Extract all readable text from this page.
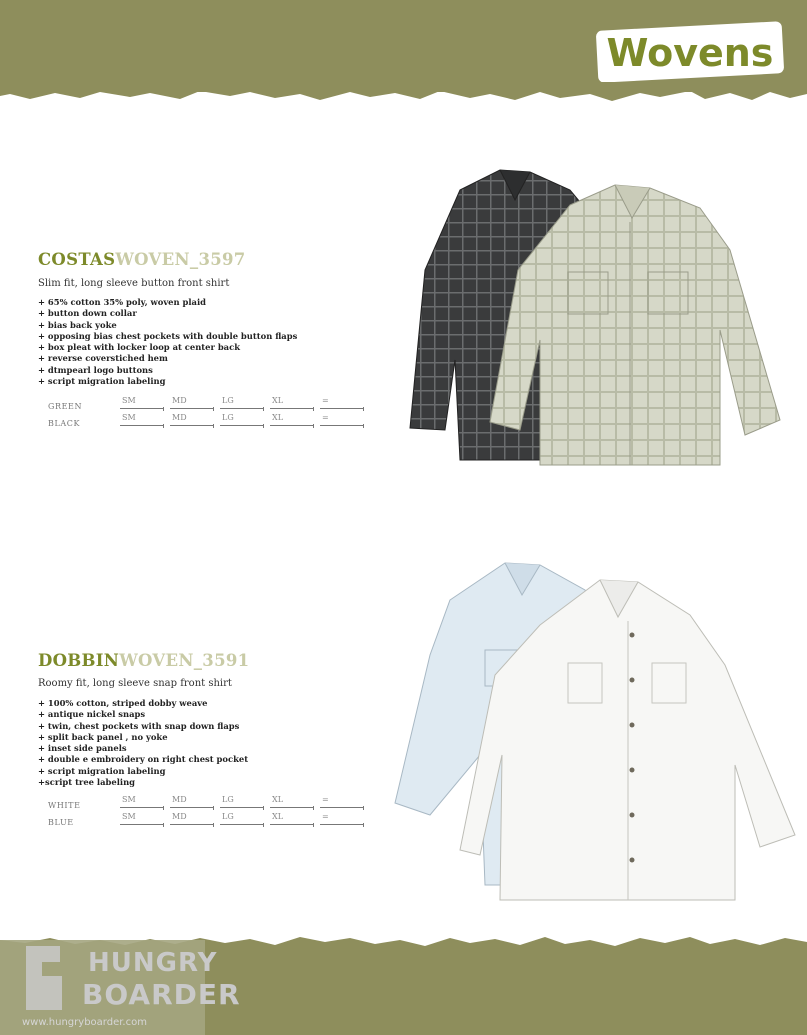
Wovens
COSTASWOVEN_3597
Slim fit, long sleeve button front shirt
+ 65% cotton 35% poly, woven plaid
+ button down collar
+ bias back yoke
+ opposing bias chest pockets with double button flaps
+ box pleat with locker loop at center back
+ reverse coverstiched hem
+ dtmpearl logo buttons
+ script migration labeling
GREEN
SM	MD	LG	XL	=
BLACK
SM	MD	LG	XL	=
DOBBINWOVEN_3591
Roomy fit, long sleeve snap front shirt
+ 100% cotton, striped dobby weave
+ antique nickel snaps
+ twin, chest pockets with snap down flaps
+ split back panel , no yoke
+ inset side panels
+ double e embroidery on right chest pocket
+ script migration labeling
+script tree labeling
WHITE
SM	MD	LG	XL	=
BLUE
SM	MD	LG	XL	=
HUNGRY
BOARDER
www.hungryboarder.com
